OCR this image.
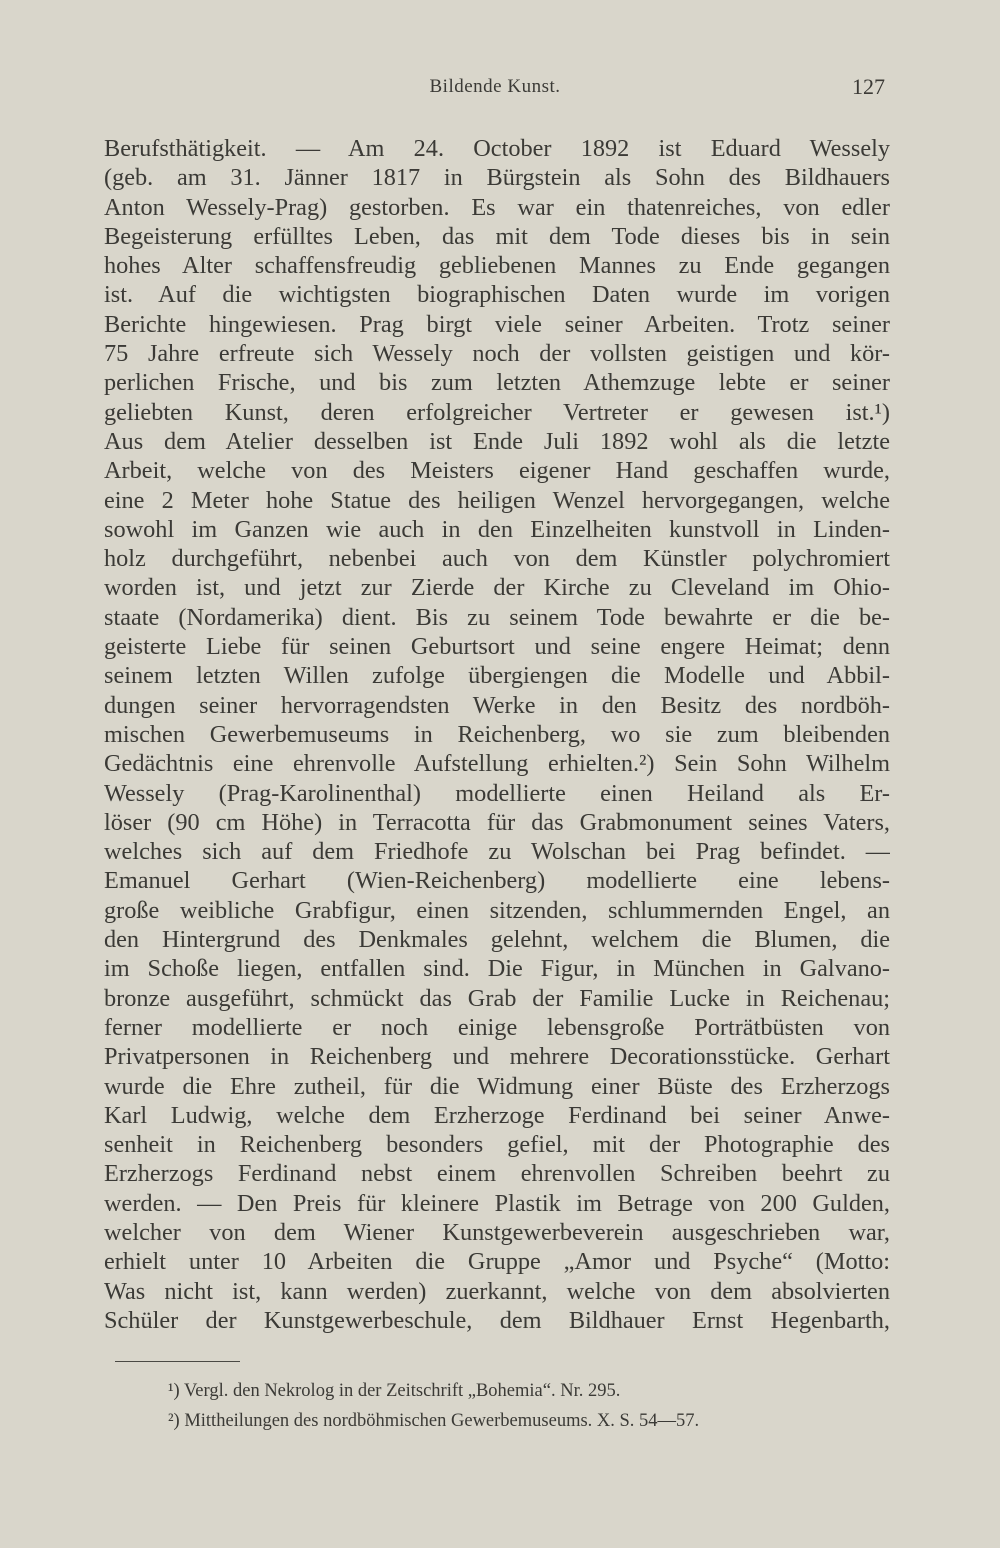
Bildende Kunst.	127
Berufsthätigkeit. — Am 24. October 1892 ist Eduard Wessely
(geb. am 31. Jänner 1817 in Bürgstein als Sohn des Bildhauers
Anton Wessely-Prag) gestorben. Es war ein thatenreiches, von edler
Begeisterung erfülltes Leben, das mit dem Tode dieses bis in sein
hohes Alter schaffensfreudig gebliebenen Mannes zu Ende gegangen
ist. Auf die wichtigsten biographischen Daten wurde im vorigen
Berichte hingewiesen. Prag birgt viele seiner Arbeiten. Trotz seiner
75 Jahre erfreute sich Wessely noch der vollsten geistigen und kör-
perlichen Frische, und bis zum letzten Athemzuge lebte er seiner
geliebten Kunst, deren erfolgreicher Vertreter er gewesen ist.¹)
Aus dem Atelier desselben ist Ende Juli 1892 wohl als die letzte
Arbeit, welche von des Meisters eigener Hand geschaffen wurde,
eine 2 Meter hohe Statue des heiligen Wenzel hervorgegangen, welche
sowohl im Ganzen wie auch in den Einzelheiten kunstvoll in Linden-
holz durchgeführt, nebenbei auch von dem Künstler polychromiert
worden ist, und jetzt zur Zierde der Kirche zu Cleveland im Ohio-
staate (Nordamerika) dient. Bis zu seinem Tode bewahrte er die be-
geisterte Liebe für seinen Geburtsort und seine engere Heimat; denn
seinem letzten Willen zufolge übergiengen die Modelle und Abbil-
dungen seiner hervorragendsten Werke in den Besitz des nordböh-
mischen Gewerbemuseums in Reichenberg, wo sie zum bleibenden
Gedächtnis eine ehrenvolle Aufstellung erhielten.²) Sein Sohn Wilhelm
Wessely (Prag-Karolinenthal) modellierte einen Heiland als Er-
löser (90 cm Höhe) in Terracotta für das Grabmonument seines Vaters,
welches sich auf dem Friedhofe zu Wolschan bei Prag befindet. —
Emanuel Gerhart (Wien-Reichenberg) modellierte eine lebens-
große weibliche Grabfigur, einen sitzenden, schlummernden Engel, an
den Hintergrund des Denkmales gelehnt, welchem die Blumen, die
im Schoße liegen, entfallen sind. Die Figur, in München in Galvano-
bronze ausgeführt, schmückt das Grab der Familie Lucke in Reichenau;
ferner modellierte er noch einige lebensgroße Porträtbüsten von
Privatpersonen in Reichenberg und mehrere Decorationsstücke. Gerhart
wurde die Ehre zutheil, für die Widmung einer Büste des Erzherzogs
Karl Ludwig, welche dem Erzherzoge Ferdinand bei seiner Anwe-
senheit in Reichenberg besonders gefiel, mit der Photographie des
Erzherzogs Ferdinand nebst einem ehrenvollen Schreiben beehrt zu
werden. — Den Preis für kleinere Plastik im Betrage von 200 Gulden,
welcher von dem Wiener Kunstgewerbeverein ausgeschrieben war,
erhielt unter 10 Arbeiten die Gruppe „Amor und Psyche“ (Motto:
Was nicht ist, kann werden) zuerkannt, welche von dem absolvierten
Schüler der Kunstgewerbeschule, dem Bildhauer Ernst Hegenbarth,
¹) Vergl. den Nekrolog in der Zeitschrift „Bohemia“. Nr. 295.
²) Mittheilungen des nordböhmischen Gewerbemuseums. X. S. 54—57.
